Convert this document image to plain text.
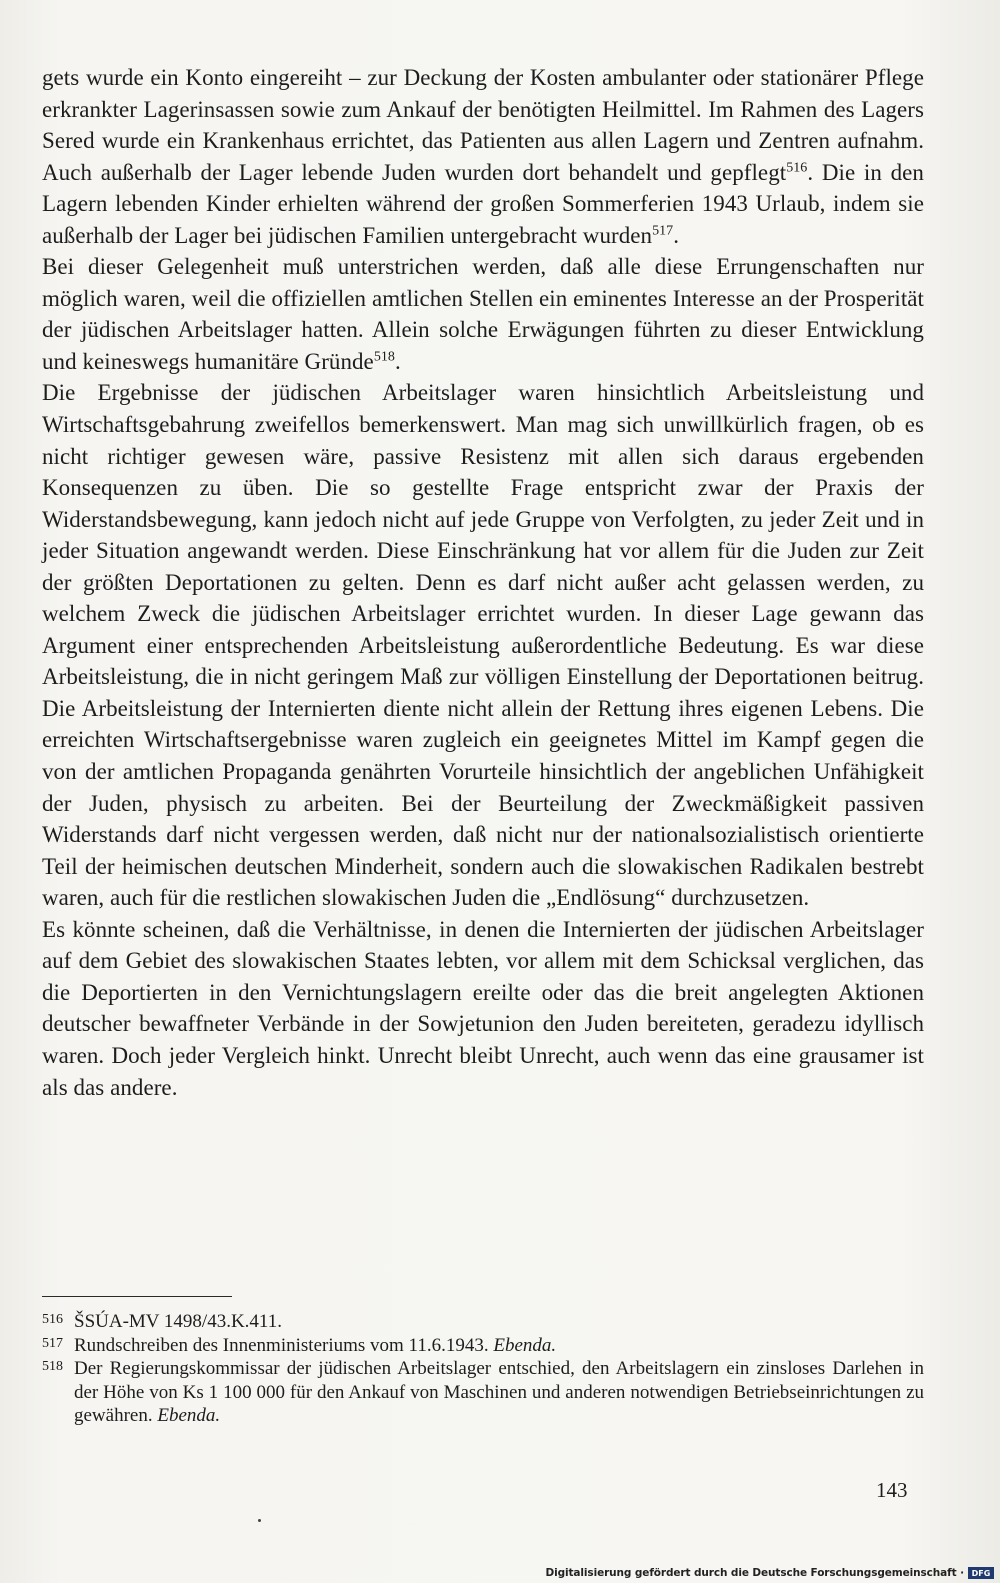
gets wurde ein Konto eingereiht – zur Deckung der Kosten ambulanter oder stationärer Pflege erkrankter Lagerinsassen sowie zum Ankauf der benötigten Heilmittel. Im Rahmen des Lagers Sered wurde ein Krankenhaus errichtet, das Patienten aus allen Lagern und Zentren aufnahm. Auch außerhalb der Lager lebende Juden wurden dort behandelt und gepflegt$^{516}$. Die in den Lagern lebenden Kinder erhielten während der großen Sommerferien 1943 Urlaub, indem sie außerhalb der Lager bei jüdischen Familien untergebracht wurden$^{517}$.

Bei dieser Gelegenheit muß unterstrichen werden, daß alle diese Errungenschaften nur möglich waren, weil die offiziellen amtlichen Stellen ein eminentes Interesse an der Prosperität der jüdischen Arbeitslager hatten. Allein solche Erwägungen führten zu dieser Entwicklung und keineswegs humanitäre Gründe$^{518}$.

Die Ergebnisse der jüdischen Arbeitslager waren hinsichtlich Arbeitsleistung und Wirtschaftsgebahrung zweifellos bemerkenswert. Man mag sich unwillkürlich fragen, ob es nicht richtiger gewesen wäre, passive Resistenz mit allen sich daraus ergebenden Konsequenzen zu üben. Die so gestellte Frage entspricht zwar der Praxis der Widerstandsbewegung, kann jedoch nicht auf jede Gruppe von Verfolgten, zu jeder Zeit und in jeder Situation angewandt werden. Diese Einschränkung hat vor allem für die Juden zur Zeit der größten Deportationen zu gelten. Denn es darf nicht außer acht gelassen werden, zu welchem Zweck die jüdischen Arbeitslager errichtet wurden. In dieser Lage gewann das Argument einer entsprechenden Arbeitsleistung außerordentliche Bedeutung. Es war diese Arbeitsleistung, die in nicht geringem Maß zur völligen Einstellung der Deportationen beitrug. Die Arbeitsleistung der Internierten diente nicht allein der Rettung ihres eigenen Lebens. Die erreichten Wirtschaftsergebnisse waren zugleich ein geeignetes Mittel im Kampf gegen die von der amtlichen Propaganda genährten Vorurteile hinsichtlich der angeblichen Unfähigkeit der Juden, physisch zu arbeiten. Bei der Beurteilung der Zweckmäßigkeit passiven Widerstands darf nicht vergessen werden, daß nicht nur der nationalsozialistisch orientierte Teil der heimischen deutschen Minderheit, sondern auch die slowakischen Radikalen bestrebt waren, auch für die restlichen slowakischen Juden die „Endlösung“ durchzusetzen.

Es könnte scheinen, daß die Verhältnisse, in denen die Internierten der jüdischen Arbeitslager auf dem Gebiet des slowakischen Staates lebten, vor allem mit dem Schicksal verglichen, das die Deportierten in den Vernichtungslagern ereilte oder das die breit angelegten Aktionen deutscher bewaffneter Verbände in der Sowjetunion den Juden bereiteten, geradezu idyllisch waren. Doch jeder Vergleich hinkt. Unrecht bleibt Unrecht, auch wenn das eine grausamer ist als das andere.

516 ŠSÚA-MV 1498/43.K.411.

517 Rundschreiben des Innenministeriums vom 11.6.1943. Ebenda.

518 Der Regierungskommissar der jüdischen Arbeitslager entschied, den Arbeitslagern ein zinsloses Darlehen in der Höhe von Ks 1 100 000 für den Ankauf von Maschinen und anderen notwendigen Betriebseinrichtungen zu gewähren. Ebenda.

143
Digitalisierung gefördert durch die Deutsche Forschungsgemeinschaft · DFG
